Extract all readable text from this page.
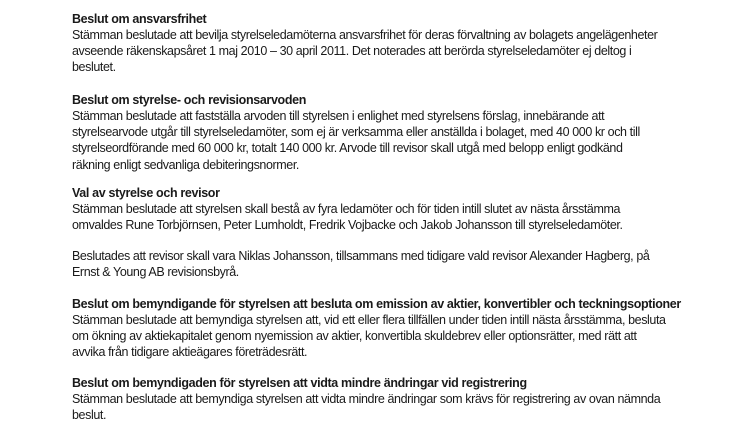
Beslut om ansvarsfrihet
Stämman beslutade att bevilja styrelseledamöterna ansvarsfrihet för deras förvaltning av bolagets angelägenheter
avseende räkenskapsåret 1 maj 2010 – 30 april 2011. Det noterades att berörda styrelseledamöter ej deltog i
beslutet.
Beslut om styrelse- och revisionsarvoden
Stämman beslutade att fastställa arvoden till styrelsen i enlighet med styrelsens förslag, innebärande att
styrelsearvode utgår till styrelseledamöter, som ej är verksamma eller anställda i bolaget, med 40 000 kr och till
styrelseordförande med 60 000 kr, totalt 140 000 kr. Arvode till revisor skall utgå med belopp enligt godkänd
räkning enligt sedvanliga debiteringsnormer.
Val av styrelse och revisor
Stämman beslutade att styrelsen skall bestå av fyra ledamöter och för tiden intill slutet av nästa årsstämma
omvaldes Rune Torbjörnsen, Peter Lumholdt, Fredrik Vojbacke och Jakob Johansson till styrelseledamöter.
Beslutades att revisor skall vara Niklas Johansson, tillsammans med tidigare vald revisor Alexander Hagberg, på
Ernst & Young AB revisionsbyrå.
Beslut om bemyndigande för styrelsen att besluta om emission av aktier, konvertibler och teckningsoptioner
Stämman beslutade att bemyndiga styrelsen att, vid ett eller flera tillfällen under tiden intill nästa årsstämma, besluta
om ökning av aktiekapitalet genom nyemission av aktier, konvertibla skuldebrev eller optionsrätter, med rätt att
avvika från tidigare aktieägares företrädesrätt.
Beslut om bemyndigaden för styrelsen att vidta mindre ändringar vid registrering
Stämman beslutade att bemyndiga styrelsen att vidta mindre ändringar som krävs för registrering av ovan nämnda
beslut.
